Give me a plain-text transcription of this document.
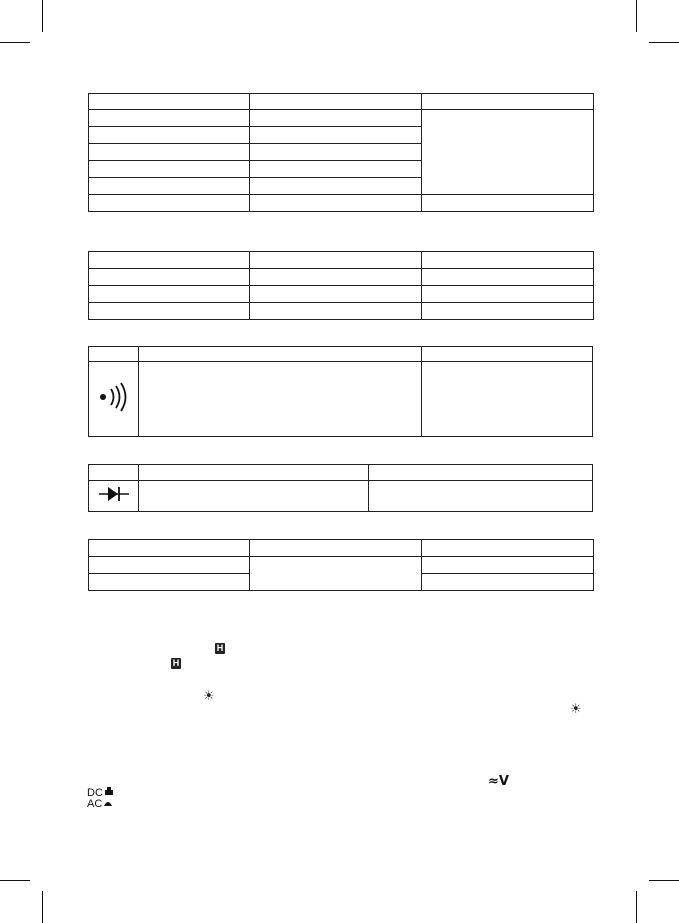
H
H
☀
☀
≈V
DC
AC
